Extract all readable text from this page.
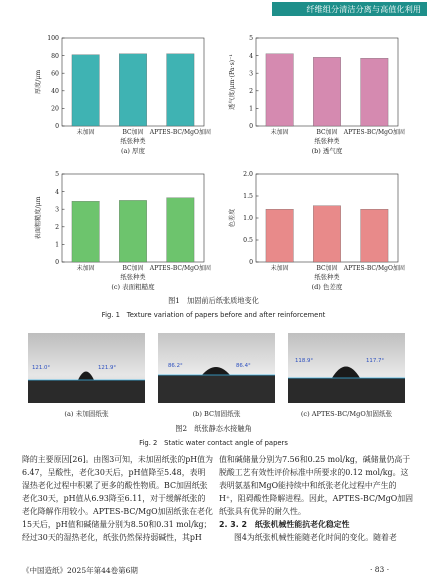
纤维组分清洁分离与高值化利用
0
20
40
60
80
100
厚度/μm
未加固	BC加固 APTES-BC/MgO加固
纸张种类
(a) 厚度
0
1
2
3
4
5
透气度/μm·(Pa·s)⁻¹
未加固	BC加固 APTES-BC/MgO加固
纸张种类
(b) 透气度
0
1
2
3
4
5
表面粗糙度/μm
未加固	BC加固 APTES-BC/MgO加固
纸张种类
(c) 表面粗糙度
0
0.5
1.0
1.5
2.0
色差度
未加固	BC加固 APTES-BC/MgO加固
纸张种类
(d) 色差度
图1　加固前后纸张质地变化
Fig. 1　Texture variation of papers before and after reinforcement
121.0°	121.9°	86.2°	86.4°
118.9°	117.7°
(a) 未加固纸张	(b) BC加固纸张	(c) APTES-BC/MgO加固纸张
图2　纸张静态水接触角
Fig. 2　Static water contact angle of papers
降的主要原因[26]。由图3可知，未加固纸张的pH值为
6.47，呈酸性，老化30天后，pH值降至5.48，表明
湿热老化过程中积累了更多的酸性物质。BC加固纸张
老化30天，pH值从6.93降至6.11，对于缓解纸张的
老化降解作用较小。APTES-BC/MgO加固纸张在老化
15天后，pH值和碱储量分别为8.50和0.31 mol/kg；
经过30天的湿热老化，纸张仍然保持弱碱性，其pH
值和碱储量分别为7.56和0.25 mol/kg，碱储量仍高于
脱酸工艺有效性评价标准中所要求的0.12 mol/kg。这
表明氨基和MgO能持续中和纸张老化过程中产生的
H⁺，阻碍酸性降解进程。因此，APTES-BC/MgO加固
纸张具有优异的耐久性。
2. 3. 2　纸张机械性能抗老化稳定性
图4为纸张机械性能随老化时间的变化。随着老
《中国造纸》2025年第44卷第6期	· 83 ·
